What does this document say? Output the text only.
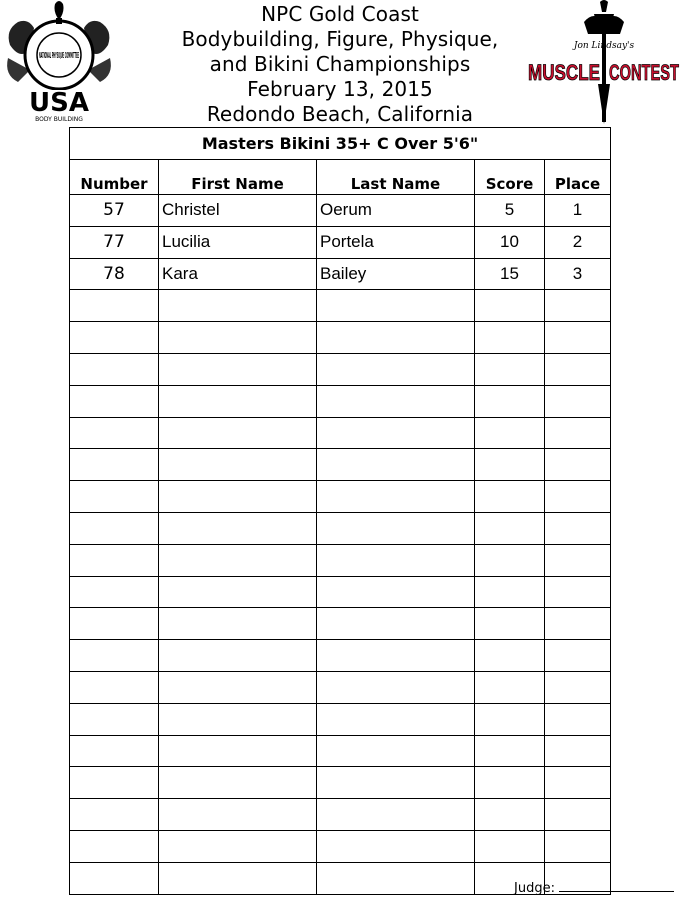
NATIONAL PHYSIQUE COMMITTEE
USA
BODY BUILDING
NPC Gold Coast
Bodybuilding, Figure, Physique,
and Bikini Championships
February 13, 2015
Redondo Beach, California
Jon Lindsay's
MUSCLE CONTEST
Masters Bikini 35+ C Over 5'6"				
Number	First Name	Last Name	Score	Place
57	Christel	Oerum	5	1
77	Lucilia	Portela	10	2
78	Kara	Bailey	15	3

Judge:
